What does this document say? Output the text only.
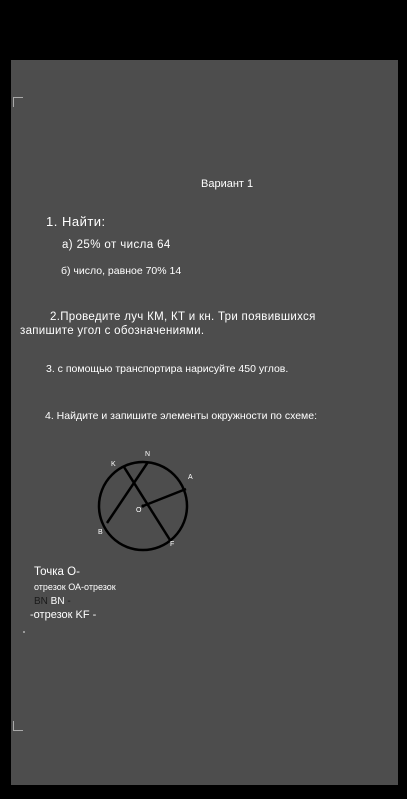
Вариант 1
1. Найти:
а) 25% от числа 64
б) число, равное 70% 14
2.Проведите луч КМ, КТ и кн. Три появившихся
запишите угол с обозначениями.
3. с помощью транспортира нарисуйте 450 углов.
4. Найдите и запишите элементы окружности по схеме:
N
K
A
O
B
F
Точка О-
отрезок ОА-отрезок
BN BN -
-отрезок KF -
